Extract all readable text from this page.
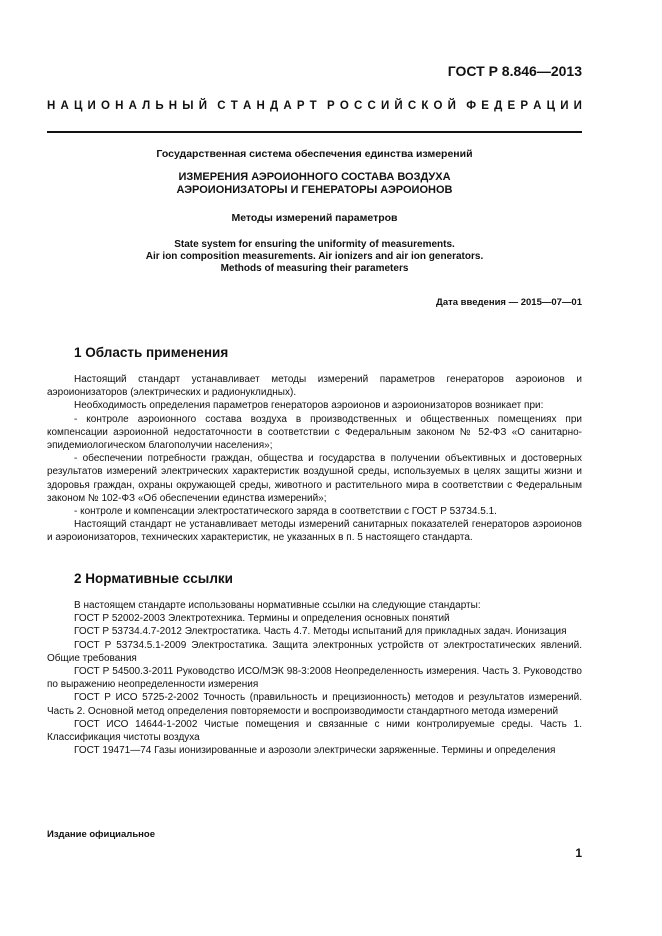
ГОСТ Р 8.846—2013
Н А Ц И О Н А Л Ь Н Ы Й С Т А Н Д А Р Т Р О С С И Й С К О Й Ф Е Д Е Р А Ц И И
Государственная система обеспечения единства измерений
ИЗМЕРЕНИЯ АЭРОИОННОГО СОСТАВА ВОЗДУХА
АЭРОИОНИЗАТОРЫ И ГЕНЕРАТОРЫ АЭРОИОНОВ
Методы измерений параметров
State system for ensuring the uniformity of measurements.
Air ion composition measurements. Air ionizers and air ion generators.
Methods of measuring their parameters
Дата введения — 2015—07—01
1 Область применения

Настоящий стандарт устанавливает методы измерений параметров генераторов аэроионов и аэроионизаторов (электрических и радионуклидных).

Необходимость определения параметров генераторов аэроионов и аэроионизаторов возникает при:

- контроле аэроионного состава воздуха в производственных и общественных помещениях при компенсации аэроионной недостаточности в соответствии с Федеральным законом № 52-ФЗ «О санитарно-эпидемиологическом благополучии населения»;

- обеспечении потребности граждан, общества и государства в получении объективных и достоверных результатов измерений электрических характеристик воздушной среды, используемых в целях защиты жизни и здоровья граждан, охраны окружающей среды, животного и растительного мира в соответствии с Федеральным законом № 102-ФЗ «Об обеспечении единства измерений»;

- контроле и компенсации электростатического заряда в соответствии с ГОСТ Р 53734.5.1.

Настоящий стандарт не устанавливает методы измерений санитарных показателей генераторов аэроионов и аэроионизаторов, технических характеристик, не указанных в п. 5 настоящего стандарта.

2 Нормативные ссылки

В настоящем стандарте использованы нормативные ссылки на следующие стандарты:

ГОСТ Р 52002-2003 Электротехника. Термины и определения основных понятий

ГОСТ Р 53734.4.7-2012 Электростатика. Часть 4.7. Методы испытаний для прикладных задач. Ионизация

ГОСТ Р 53734.5.1-2009 Электростатика. Защита электронных устройств от электростатических явлений. Общие требования

ГОСТ Р 54500.3-2011 Руководство ИСО/МЭК 98-3:2008 Неопределенность измерения. Часть 3. Руководство по выражению неопределенности измерения

ГОСТ Р ИСО 5725-2-2002 Точность (правильность и прецизионность) методов и результатов измерений. Часть 2. Основной метод определения повторяемости и воспроизводимости стандартного метода измерений

ГОСТ ИСО 14644-1-2002 Чистые помещения и связанные с ними контролируемые среды. Часть 1. Классификация чистоты воздуха

ГОСТ 19471—74 Газы ионизированные и аэрозоли электрически заряженные. Термины и определения

Издание официальное
1
